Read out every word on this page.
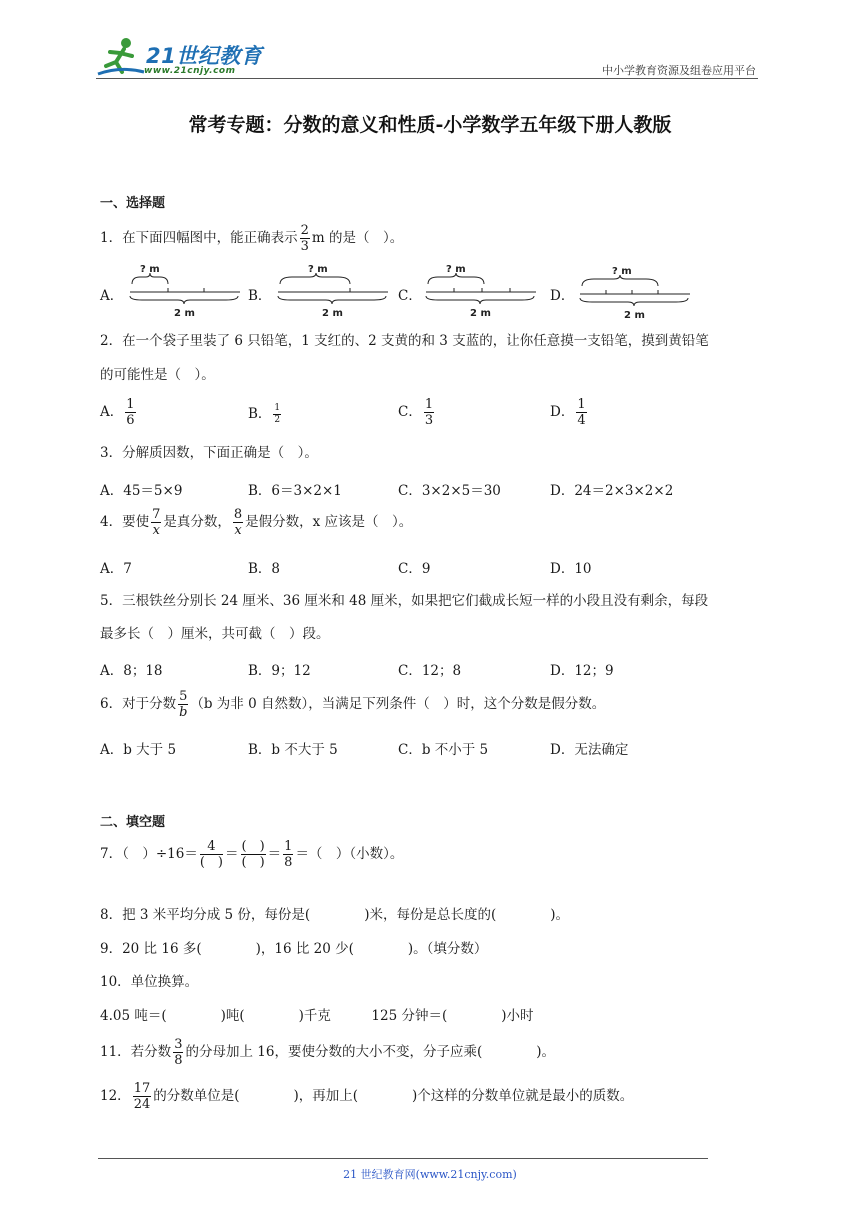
21世纪教育
www.21cnjy.com	中小学教育资源及组卷应用平台
常考专题：分数的意义和性质-小学数学五年级下册人教版
一、选择题
1．在下面四幅图中，能正确表示 $\frac{2}{3}$ m 的是（　）。
A．
? m
2 m
B．
? m
2 m
C．
? m
2 m
D．
? m
2 m
2．在一个袋子里装了 6 只铅笔，1 支红的、2 支黄的和 3 支蓝的，让你任意摸一支铅笔，摸到黄铅笔
的可能性是（　）。
A． $\frac{1}{6}$	B． $\frac{1}{2}$	C． $\frac{1}{3}$	D． $\frac{1}{4}$
3．分解质因数，下面正确是（　）。
A．45＝5×9	B．6＝3×2×1	C．3×2×5＝30	D．24＝2×3×2×2
4．要使 $\frac{7}{x}$ 是真分数， $\frac{8}{x}$ 是假分数，x 应该是（　）。
A．7	B．8	C．9	D．10
5．三根铁丝分别长 24 厘米、36 厘米和 48 厘米，如果把它们截成长短一样的小段且没有剩余，每段
最多长（　）厘米，共可截（　）段。
A．8；18	B．9；12	C．12；8	D．12；9
6．对于分数 $\frac{5}{b} (b$ 为非 0 自然数），当满足下列条件（　）时，这个分数是假分数。
A．b 大于 5	B．b 不大于 5	C．b 不小于 5	D．无法确定
二、填空题
7．（　）$\div 16= \frac{4}{( )} = \frac{( )}{( )} = \frac{1}{8}$ ＝（　）（小数）。
8．把 3 米平均分成 5 份，每份是(　　　　)米，每份是总长度的(　　　　)。
9．20 比 16 多(　　　　)，16 比 20 少(　　　　)。（填分数）
10．单位换算。
4.05 吨＝(　　　　)吨(　　　　)千克　　　125 分钟＝(　　　　)小时
11．若分数 $\frac{3}{8}$ 的分母加上 16，要使分数的大小不变，分子应乘(　　　　)。
12． $\frac{17}{24}$ 的分数单位是(　　　　)，再加上(　　　　)个这样的分数单位就是最小的质数。
21 世纪教育网(www.21cnjy.com)
